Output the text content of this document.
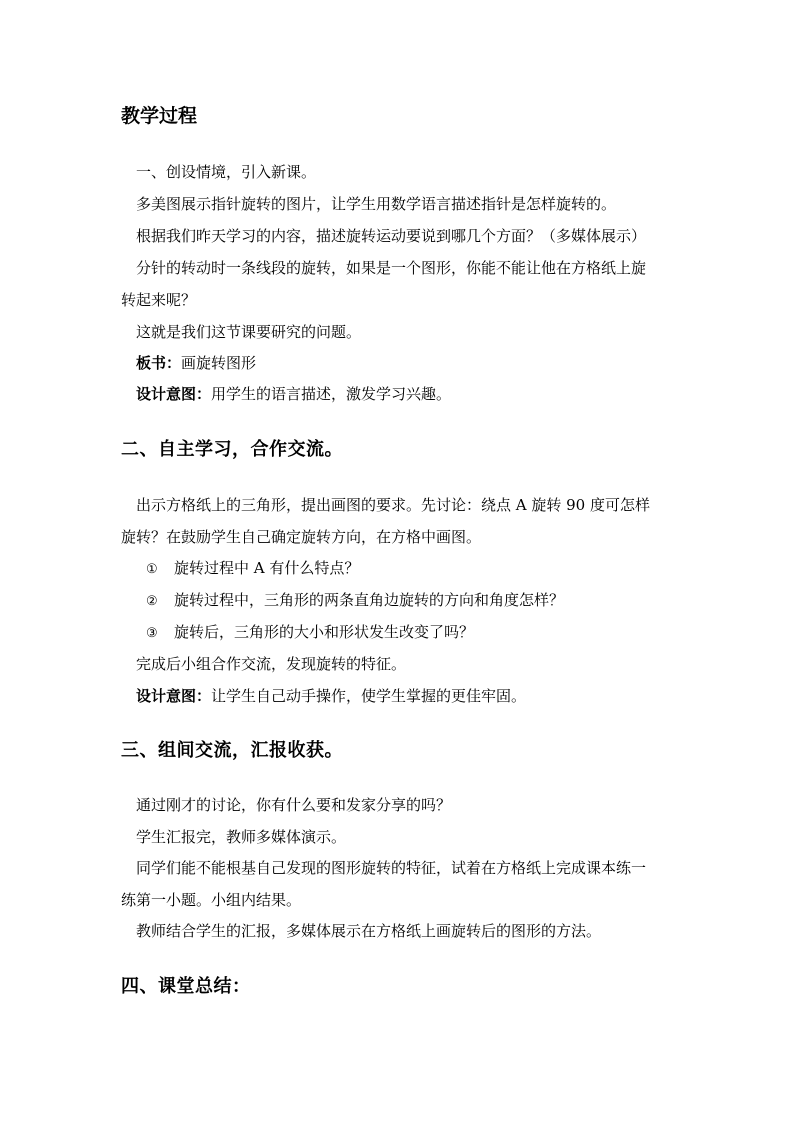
教学过程
一、创设情境，引入新课。
多美图展示指针旋转的图片，让学生用数学语言描述指针是怎样旋转的。
根据我们昨天学习的内容，描述旋转运动要说到哪几个方面？（多媒体展示）
分针的转动时一条线段的旋转，如果是一个图形，你能不能让他在方格纸上旋
转起来呢？
这就是我们这节课要研究的问题。
板书：画旋转图形
设计意图：用学生的语言描述，激发学习兴趣。
二、自主学习，合作交流。
出示方格纸上的三角形，提出画图的要求。先讨论：绕点 A 旋转 90 度可怎样
旋转？在鼓励学生自己确定旋转方向，在方格中画图。
① 旋转过程中 A 有什么特点？
② 旋转过程中，三角形的两条直角边旋转的方向和角度怎样？
③ 旋转后，三角形的大小和形状发生改变了吗？
完成后小组合作交流，发现旋转的特征。
设计意图：让学生自己动手操作，使学生掌握的更佳牢固。
三、组间交流，汇报收获。
通过刚才的讨论，你有什么要和发家分享的吗？
学生汇报完，教师多媒体演示。
同学们能不能根基自己发现的图形旋转的特征，试着在方格纸上完成课本练一
练第一小题。小组内结果。
教师结合学生的汇报，多媒体展示在方格纸上画旋转后的图形的方法。
四、课堂总结：
